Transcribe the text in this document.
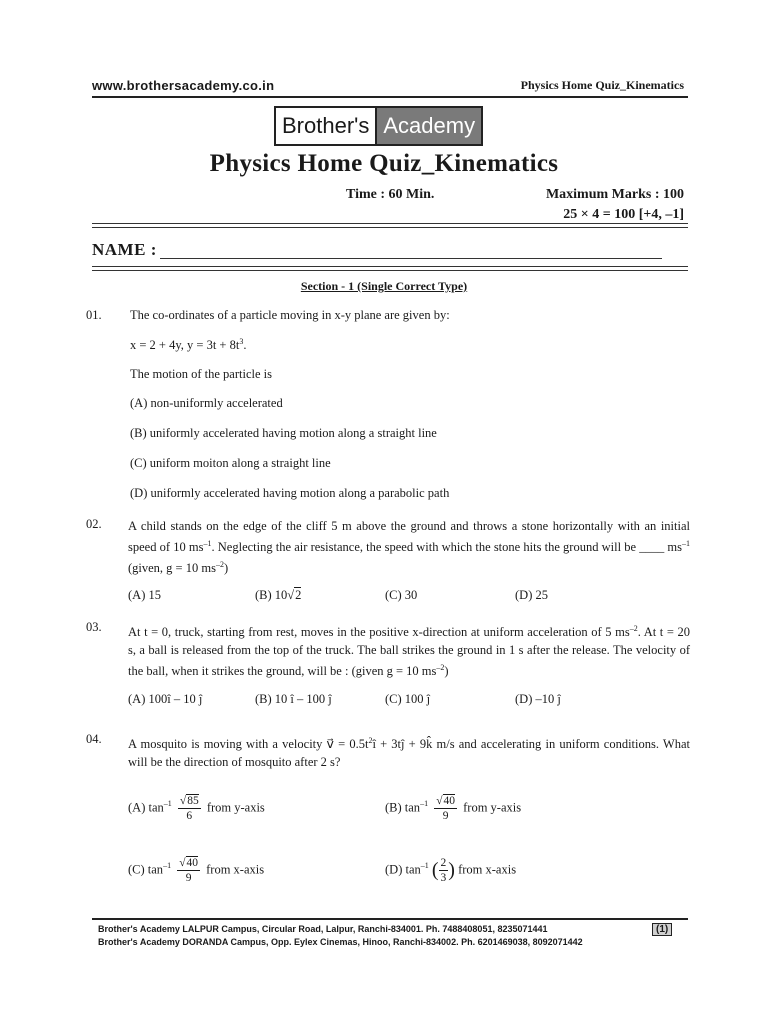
www.brothersacademy.co.in	Physics Home Quiz_Kinematics
Brother's Academy
Physics Home Quiz_Kinematics
Time : 60 Min.	Maximum Marks : 100
25 × 4 = 100 [+4, –1]
NAME :
Section - 1 (Single Correct Type)
01. The co-ordinates of a particle moving in x-y plane are given by:
x = 2 + 4y, $y = 3t + 8t^3$.
The motion of the particle is
(A) non-uniformly accelerated
(B) uniformly accelerated having motion along a straight line
(C) uniform moiton along a straight line
(D) uniformly accelerated having motion along a parabolic path
02. A child stands on the edge of the cliff 5 m above the ground and throws a stone horizontally with an initial speed of 10 $ms^{-1}$. Neglecting the air resistance, the speed with which the stone hits the ground will be ____ $ms^{-1}$ (given, g = 10 $ms^{-2}$)
(A) 15	(B) 10√2	(C) 30	(D) 25
03. At t = 0, truck, starting from rest, moves in the positive x-direction at uniform acceleration of 5 $ms^{-2}$. At t = 20 s, a ball is released from the top of the truck. The ball strikes the ground in 1 s after the release. The velocity of the ball, when it strikes the ground, will be : (given g = 10 $ms^{-2}$)
(A) 100î – 10 ĵ	(B) 10 î – 100 ĵ	(C) 100 ĵ	(D) –10 ĵ
04. A mosquito is moving with a velocity v⃗ = $0.5t^2î$ + 3tĵ + 9k̂ m/s and accelerating in uniform conditions. What will be the direction of mosquito after 2 s?
(A) $\tan^{-1} \frac{√85}{6}$ from y-axis	(B) $\tan^{-1} \frac{√40}{9}$ from y-axis
(C) $\tan^{-1} \frac{√40}{9}$ from x-axis	(D) $\tan^{-1}$ ( $\frac{2}{3}$ ) from x-axis
Brother's Academy LALPUR Campus, Circular Road, Lalpur, Ranchi-834001. Ph. 7488408051, 8235071441
Brother's Academy DORANDA Campus, Opp. Eylex Cinemas, Hinoo, Ranchi-834002. Ph. 6201469038, 8092071442
(1)
